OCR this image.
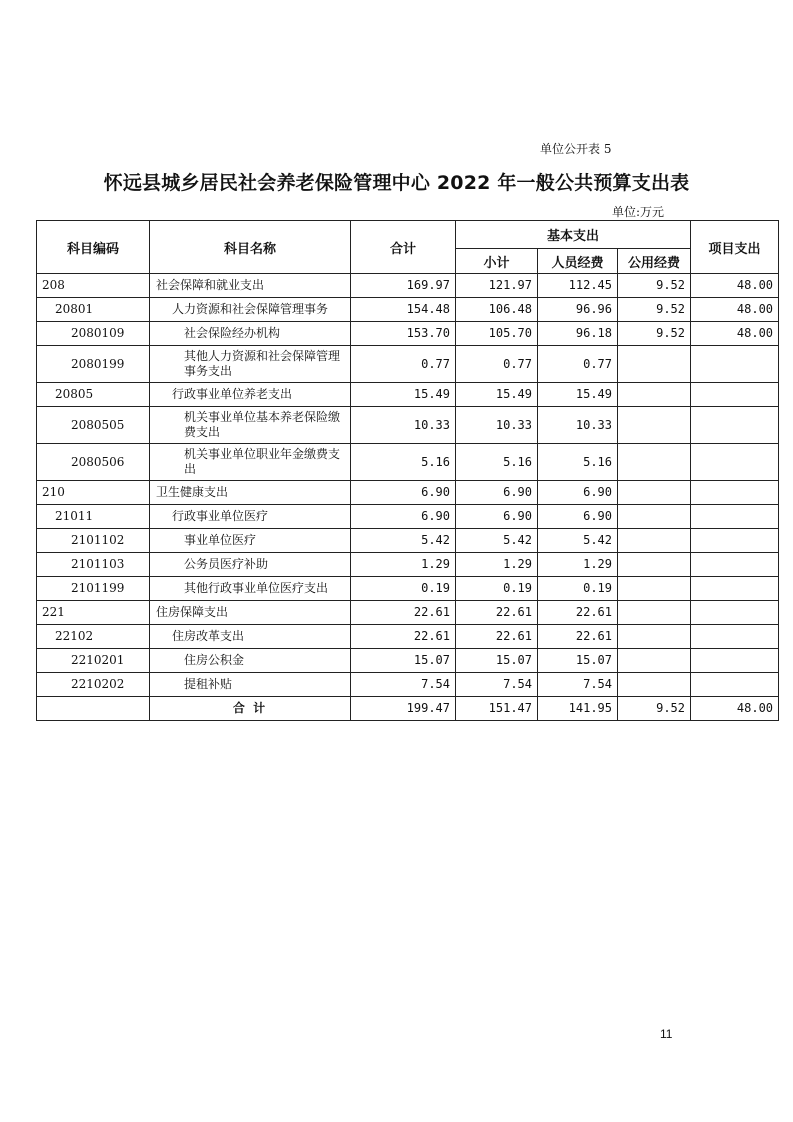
单位公开表 5
怀远县城乡居民社会养老保险管理中心 2022 年一般公共预算支出表
单位:万元
科目编码	科目名称	合计	基本支出			项目支出
			小计	人员经费	公用经费	
208	社会保障和就业支出	169.97	121.97	112.45	9.52	48.00
20801	人力资源和社会保障管理事务	154.48	106.48	96.96	9.52	48.00
2080109	社会保险经办机构	153.70	105.70	96.18	9.52	48.00
2080199	其他人力资源和社会保障管理事务支出	0.77	0.77	0.77		
20805	行政事业单位养老支出	15.49	15.49	15.49		
2080505	机关事业单位基本养老保险缴费支出	10.33	10.33	10.33		
2080506	机关事业单位职业年金缴费支出	5.16	5.16	5.16		
210	卫生健康支出	6.90	6.90	6.90		
21011	行政事业单位医疗	6.90	6.90	6.90		
2101102	事业单位医疗	5.42	5.42	5.42		
2101103	公务员医疗补助	1.29	1.29	1.29		
2101199	其他行政事业单位医疗支出	0.19	0.19	0.19		
221	住房保障支出	22.61	22.61	22.61		
22102	住房改革支出	22.61	22.61	22.61		
2210201	住房公积金	15.07	15.07	15.07		
2210202	提租补贴	7.54	7.54	7.54		
	合 计	199.47	151.47	141.95	9.52	48.00
11
